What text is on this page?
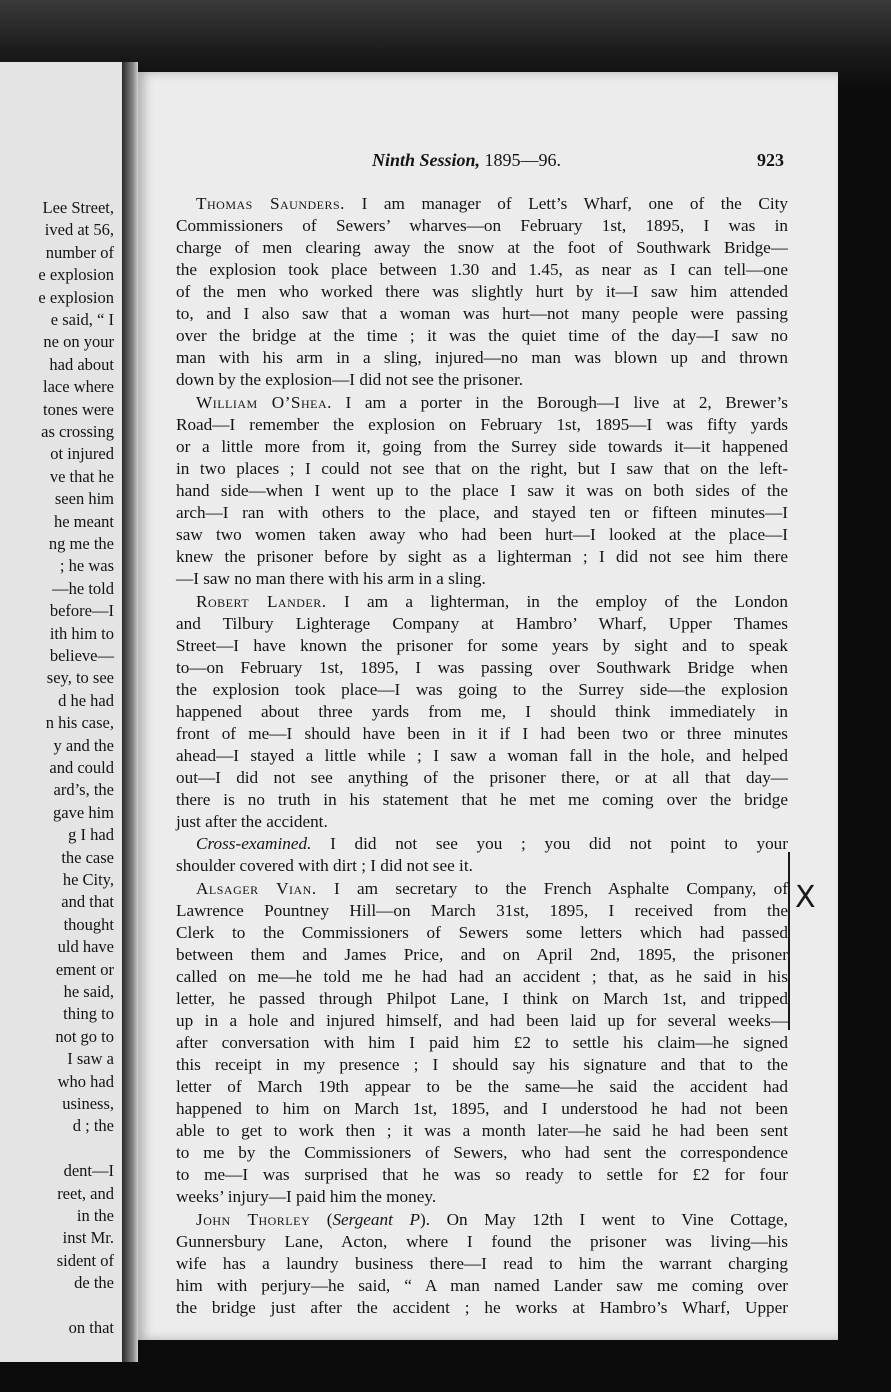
Lee Street,
ived at 56,
number of
e explosion
e explosion
e said, “ I
ne on your
had about
lace where
tones were
as crossing
ot injured
ve that he
seen him
he meant
ng me the
; he was
—he told
before—I
ith him to
believe—
sey, to see
d he had
n his case,
y and the
and could
ard’s, the
gave him
g I had
the case
he City,
and that
thought
uld have
ement or
he said,
thing to
not go to
I saw a
who had
usiness,
d ; the
dent—I
reet, and
in the
inst Mr.
sident of
de the
on that
Ninth Session, 1895—96.	923
Thomas Saunders. I am manager of Lett’s Wharf, one of the City
Commissioners of Sewers’ wharves—on February 1st, 1895, I was in
charge of men clearing away the snow at the foot of Southwark Bridge—
the explosion took place between 1.30 and 1.45, as near as I can tell—one
of the men who worked there was slightly hurt by it—I saw him attended
to, and I also saw that a woman was hurt—not many people were passing
over the bridge at the time ; it was the quiet time of the day—I saw no
man with his arm in a sling, injured—no man was blown up and thrown
down by the explosion—I did not see the prisoner.
William O’Shea. I am a porter in the Borough—I live at 2, Brewer’s
Road—I remember the explosion on February 1st, 1895—I was fifty yards
or a little more from it, going from the Surrey side towards it—it happened
in two places ; I could not see that on the right, but I saw that on the left-
hand side—when I went up to the place I saw it was on both sides of the
arch—I ran with others to the place, and stayed ten or fifteen minutes—I
saw two women taken away who had been hurt—I looked at the place—I
knew the prisoner before by sight as a lighterman ; I did not see him there
—I saw no man there with his arm in a sling.
Robert Lander. I am a lighterman, in the employ of the London
and Tilbury Lighterage Company at Hambro’ Wharf, Upper Thames
Street—I have known the prisoner for some years by sight and to speak
to—on February 1st, 1895, I was passing over Southwark Bridge when
the explosion took place—I was going to the Surrey side—the explosion
happened about three yards from me, I should think immediately in
front of me—I should have been in it if I had been two or three minutes
ahead—I stayed a little while ; I saw a woman fall in the hole, and helped
out—I did not see anything of the prisoner there, or at all that day—
there is no truth in his statement that he met me coming over the bridge
just after the accident.
Cross-examined. I did not see you ; you did not point to your
shoulder covered with dirt ; I did not see it.
Alsager Vian. I am secretary to the French Asphalte Company, of
Lawrence Pountney Hill—on March 31st, 1895, I received from the
Clerk to the Commissioners of Sewers some letters which had passed
between them and James Price, and on April 2nd, 1895, the prisoner
called on me—he told me he had had an accident ; that, as he said in his
letter, he passed through Philpot Lane, I think on March 1st, and tripped
up in a hole and injured himself, and had been laid up for several weeks—
after conversation with him I paid him £2 to settle his claim—he signed
this receipt in my presence ; I should say his signature and that to the
letter of March 19th appear to be the same—he said the accident had
happened to him on March 1st, 1895, and I understood he had not been
able to get to work then ; it was a month later—he said he had been sent
to me by the Commissioners of Sewers, who had sent the correspondence
to me—I was surprised that he was so ready to settle for £2 for four
weeks’ injury—I paid him the money.
John Thorley (Sergeant P). On May 12th I went to Vine Cottage,
Gunnersbury Lane, Acton, where I found the prisoner was living—his
wife has a laundry business there—I read to him the warrant charging
him with perjury—he said, “ A man named Lander saw me coming over
the bridge just after the accident ; he works at Hambro’s Wharf, Upper
X
